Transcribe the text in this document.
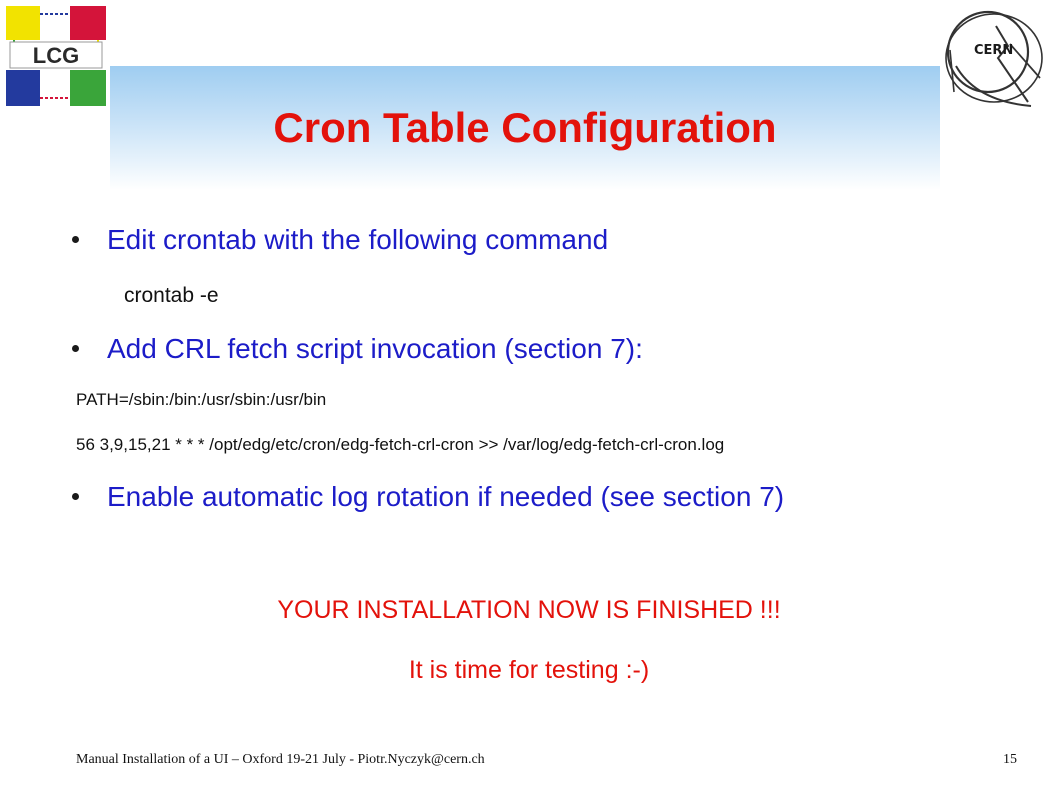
Cron Table Configuration
LCG	CERN
Edit crontab with the following command
crontab -e
Add CRL fetch script invocation (section 7):
PATH=/sbin:/bin:/usr/sbin:/usr/bin
56 3,9,15,21 * * * /opt/edg/etc/cron/edg-fetch-crl-cron >> /var/log/edg-fetch-crl-cron.log
Enable automatic log rotation if needed (see section 7)
YOUR INSTALLATION NOW IS FINISHED !!!
It is time for testing :-)
Manual Installation of a UI – Oxford 19-21 July - Piotr.Nyczyk@cern.ch	15
